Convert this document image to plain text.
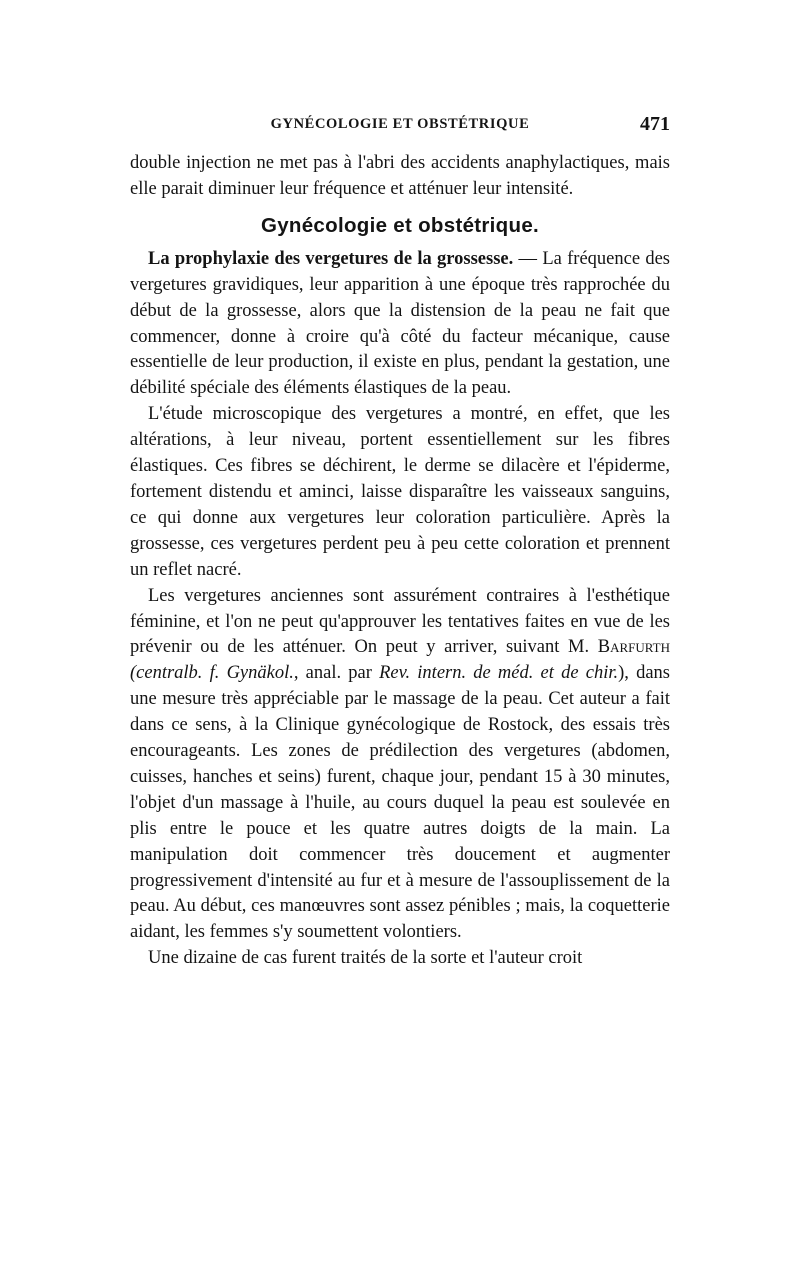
GYNÉCOLOGIE ET OBSTÉTRIQUE	471

double injection ne met pas à l'abri des accidents anaphylactiques, mais elle parait diminuer leur fréquence et atténuer leur intensité.

Gynécologie et obstétrique.

La prophylaxie des vergetures de la grossesse. — La fréquence des vergetures gravidiques, leur apparition à une époque très rapprochée du début de la grossesse, alors que la distension de la peau ne fait que commencer, donne à croire qu'à côté du facteur mécanique, cause essentielle de leur production, il existe en plus, pendant la gestation, une débilité spéciale des éléments élastiques de la peau.

L'étude microscopique des vergetures a montré, en effet, que les altérations, à leur niveau, portent essentiellement sur les fibres élastiques. Ces fibres se déchirent, le derme se dilacère et l'épiderme, fortement distendu et aminci, laisse disparaître les vaisseaux sanguins, ce qui donne aux vergetures leur coloration particulière. Après la grossesse, ces vergetures perdent peu à peu cette coloration et prennent un reflet nacré.

Les vergetures anciennes sont assurément contraires à l'esthétique féminine, et l'on ne peut qu'approuver les tentatives faites en vue de les prévenir ou de les atténuer. On peut y arriver, suivant M. Barfurth (centralb. f. Gynäkol., anal. par Rev. intern. de méd. et de chir.), dans une mesure très appréciable par le massage de la peau. Cet auteur a fait dans ce sens, à la Clinique gynécologique de Rostock, des essais très encourageants. Les zones de prédilection des vergetures (abdomen, cuisses, hanches et seins) furent, chaque jour, pendant 15 à 30 minutes, l'objet d'un massage à l'huile, au cours duquel la peau est soulevée en plis entre le pouce et les quatre autres doigts de la main. La manipulation doit commencer très doucement et augmenter progressivement d'intensité au fur et à mesure de l'assouplissement de la peau. Au début, ces manœuvres sont assez pénibles ; mais, la coquetterie aidant, les femmes s'y soumettent volontiers.

Une dizaine de cas furent traités de la sorte et l'auteur croit
